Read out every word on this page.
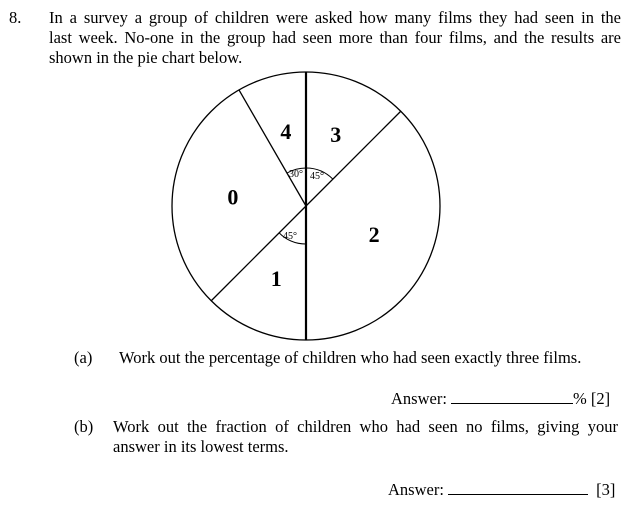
8. In a survey a group of children were asked how many films they had seen in the
last week. No-one in the group had seen more than four films, and the results are
shown in the pie chart below.
3
2
1
0
4
30° 45°
45°
(a) Work out the percentage of children who had seen exactly three films.
Answer:	% [2]
(b) Work out the fraction of children who had seen no films, giving your
answer in its lowest terms.
Answer:	[3]
